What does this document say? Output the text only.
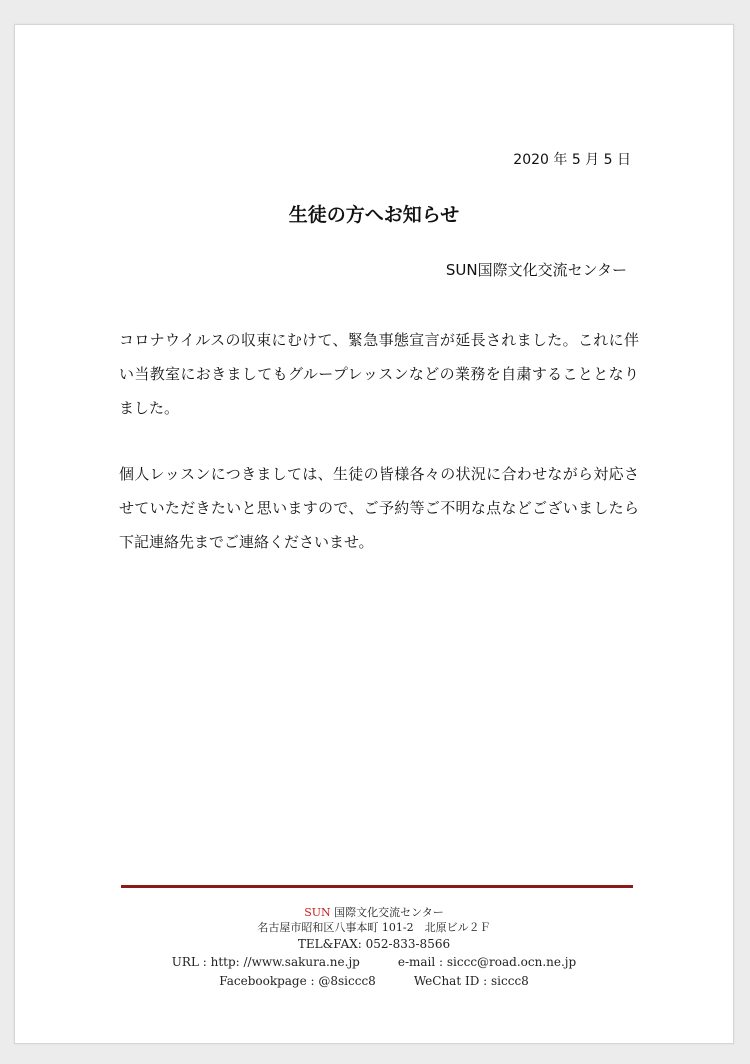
2020 年 5 月 5 日
生徒の方へお知らせ
SUN国際文化交流センター
コロナウイルスの収束にむけて、緊急事態宣言が延長されました。これに伴い当教室におきましてもグループレッスンなどの業務を自粛することとなりました。
個人レッスンにつきましては、生徒の皆様各々の状況に合わせながら対応させていただきたいと思いますので、ご予約等ご不明な点などございましたら下記連絡先までご連絡くださいませ。
SUN 国際文化交流センター
名古屋市昭和区八事本町 101-2　北原ビル２Ｆ
TEL&FAX: 052-833-8566
URL : http: //www.sakura.ne.jp	e-mail : siccc@road.ocn.ne.jp
Facebookpage : @8siccc8	WeChat ID : siccc8
